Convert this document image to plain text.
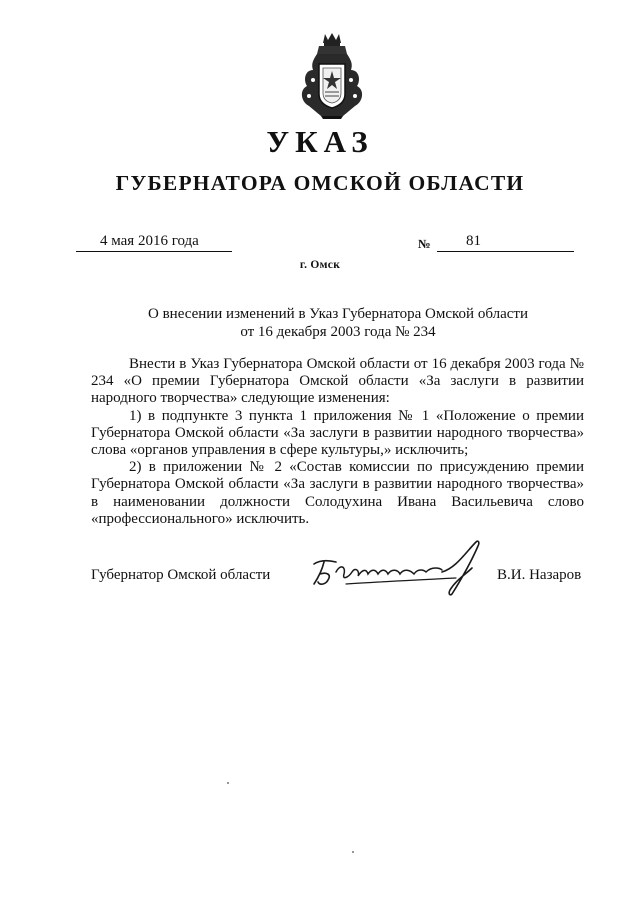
УКАЗ
ГУБЕРНАТОРА ОМСКОЙ ОБЛАСТИ
4 мая 2016 года	№ 81
г. Омск
О внесении изменений в Указ Губернатора Омской области
от 16 декабря 2003 года № 234

Внести в Указ Губернатора Омской области от 16 декабря 2003 года № 234 «О премии Губернатора Омской области «За заслуги в развитии народного творчества» следующие изменения:

1) в подпункте 3 пункта 1 приложения № 1 «Положение о премии Губернатора Омской области «За заслуги в развитии народного творчества» слова «органов управления в сфере культуры,» исключить;

2) в приложении № 2 «Состав комиссии по присуждению премии Губернатора Омской области «За заслуги в развитии народного творчества» в наименовании должности Солодухина Ивана Васильевича слово «профессионального» исключить.

Губернатор Омской области	В.И. Назаров
